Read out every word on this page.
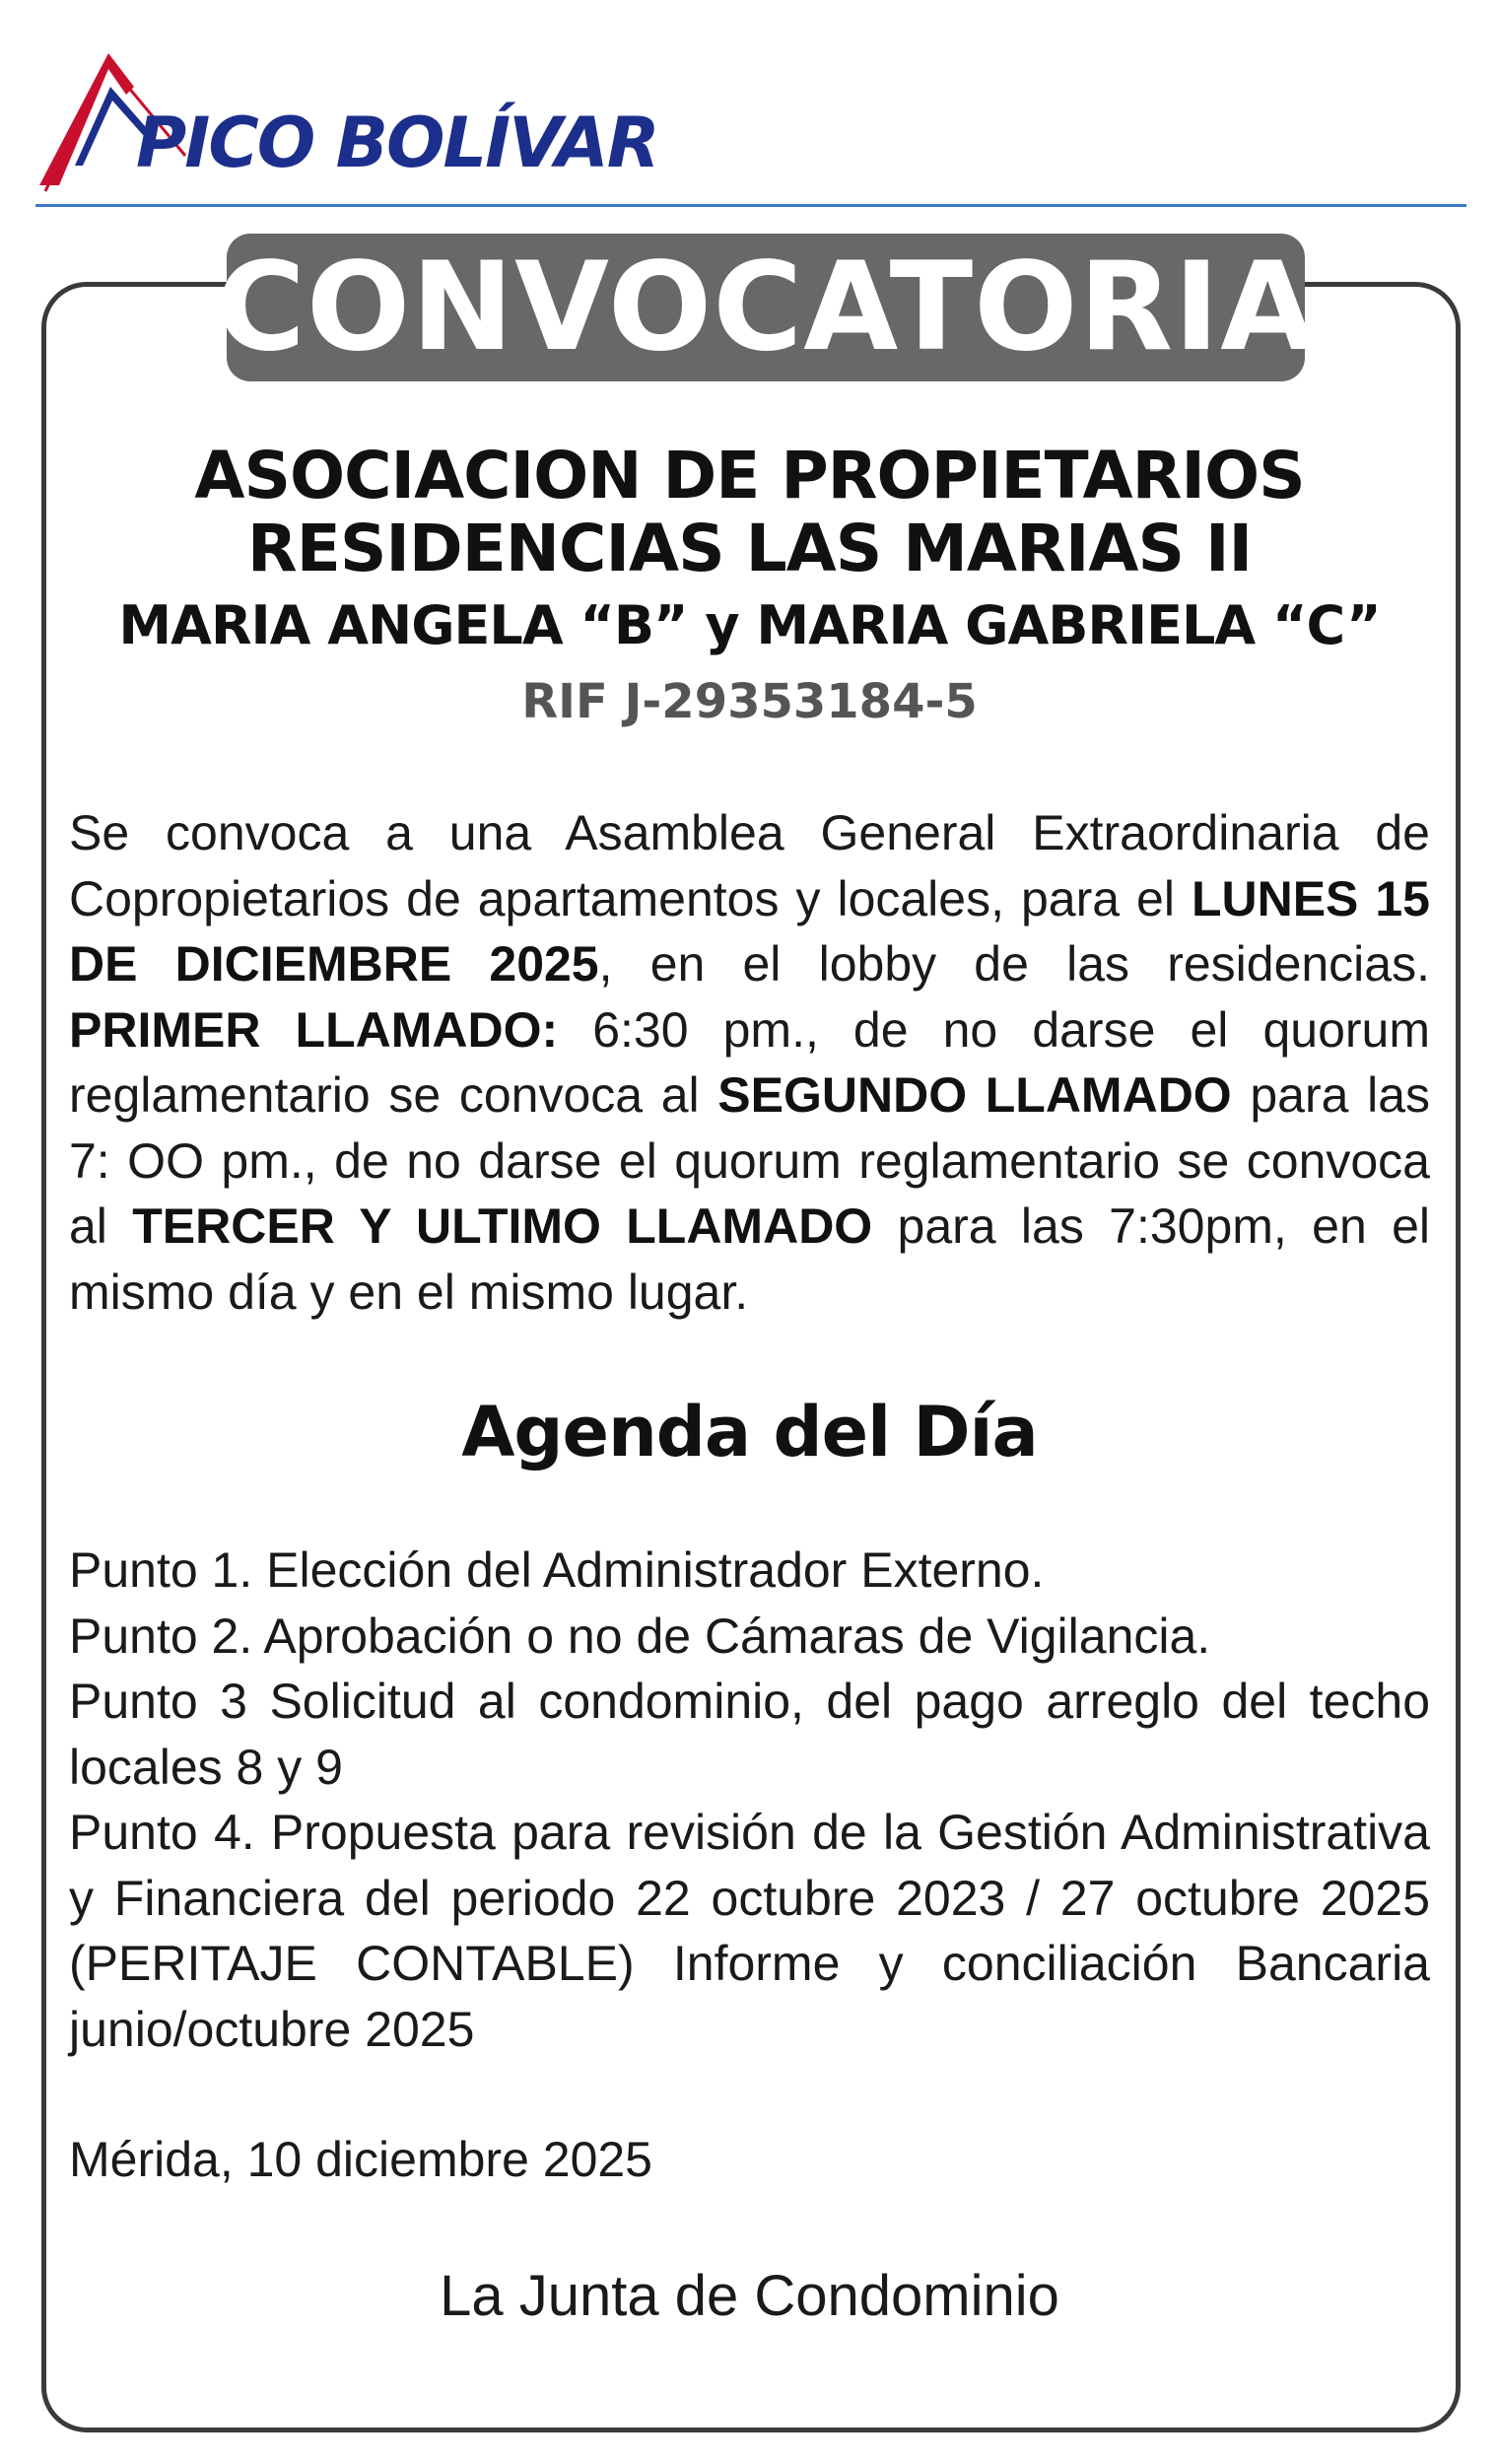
PICO BOLÍVAR
CONVOCATORIA
ASOCIACION DE PROPIETARIOS
RESIDENCIAS LAS MARIAS II
MARIA ANGELA “B” y MARIA GABRIELA “C”
RIF J-29353184-5
Se convoca a una Asamblea General Extraordinaria de Copropietarios de apartamentos y locales, para el LUNES 15 DE DICIEMBRE 2025, en el lobby de las residencias. PRIMER LLAMADO: 6:30 pm., de no darse el quorum reglamentario se convoca al SEGUNDO LLAMADO para las 7: OO pm., de no darse el quorum reglamentario se convoca al TERCER Y ULTIMO LLAMADO para las 7:30pm, en el mismo día y en el mismo lugar.
Agenda del Día

Punto 1. Elección del Administrador Externo.

Punto 2. Aprobación o no de Cámaras de Vigilancia.

Punto 3 Solicitud al condominio, del pago arreglo del techo locales 8 y 9

Punto 4. Propuesta para revisión de la Gestión Administrativa y Financiera del periodo 22 octubre 2023 / 27 octubre 2025 (PERITAJE CONTABLE) Informe y conciliación Bancaria junio/octubre 2025

Mérida, 10 diciembre 2025
La Junta de Condominio
